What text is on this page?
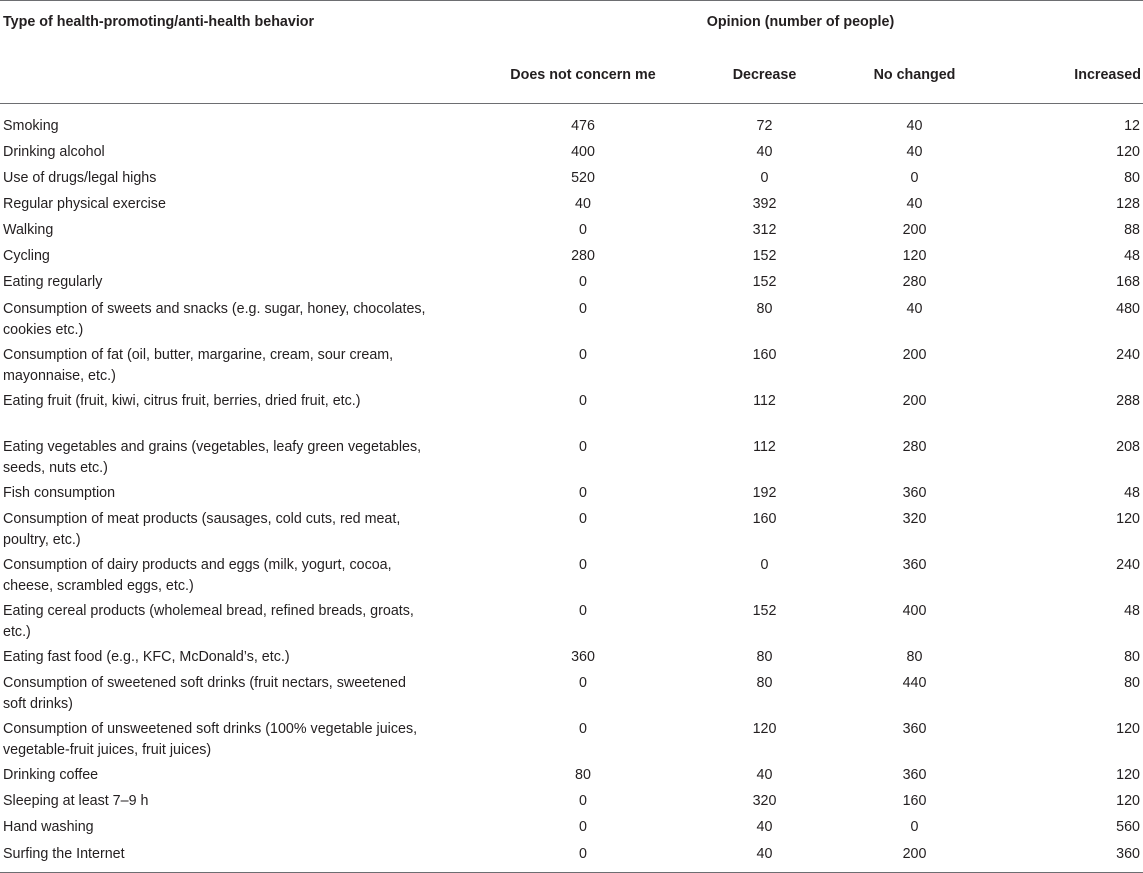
Type of health-promoting/anti-health behavior	Opinion (number of people)			
	Does not concern me	Decrease	No changed	Increased
Smoking	476	72	40	12
Drinking alcohol	400	40	40	120
Use of drugs/legal highs	520	0	0	80
Regular physical exercise	40	392	40	128
Walking	0	312	200	88
Cycling	280	152	120	48
Eating regularly	0	152	280	168
Consumption of sweets and snacks (e.g. sugar, honey, chocolates, cookies etc.)	0	80	40	480
Consumption of fat (oil, butter, margarine, cream, sour cream, mayonnaise, etc.)	0	160	200	240
Eating fruit (fruit, kiwi, citrus fruit, berries, dried fruit, etc.)	0	112	200	288
Eating vegetables and grains (vegetables, leafy green vegetables, seeds, nuts etc.)	0	112	280	208
Fish consumption	0	192	360	48
Consumption of meat products (sausages, cold cuts, red meat, poultry, etc.)	0	160	320	120
Consumption of dairy products and eggs (milk, yogurt, cocoa, cheese, scrambled eggs, etc.)	0	0	360	240
Eating cereal products (wholemeal bread, refined breads, groats, etc.)	0	152	400	48
Eating fast food (e.g., KFC, McDonald’s, etc.)	360	80	80	80
Consumption of sweetened soft drinks (fruit nectars, sweetened soft drinks)	0	80	440	80
Consumption of unsweetened soft drinks (100% vegetable juices, vegetable-fruit juices, fruit juices)	0	120	360	120
Drinking coffee	80	40	360	120
Sleeping at least 7–9 h	0	320	160	120
Hand washing	0	40	0	560
Surfing the Internet	0	40	200	360
